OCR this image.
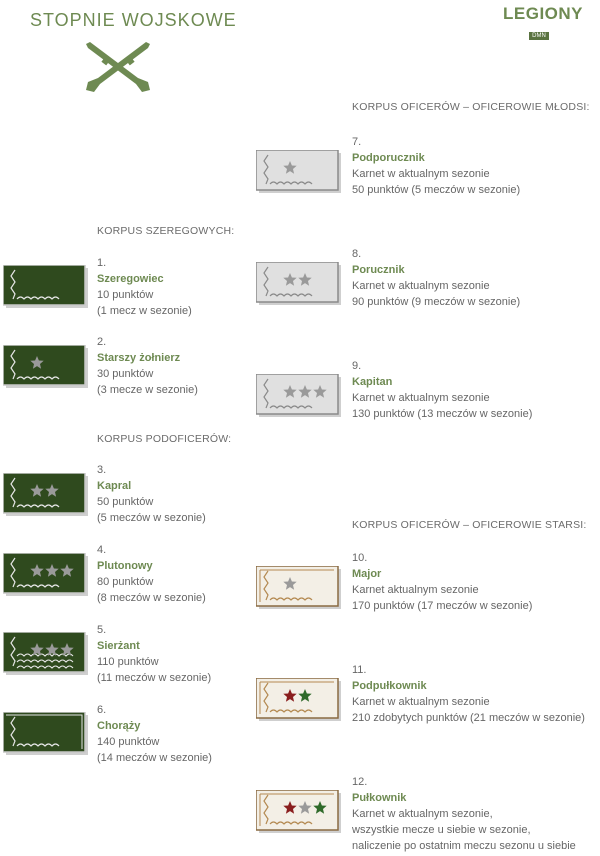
STOPNIE WOJSKOWE	LEGIONY
DMN
KORPUS SZEREGOWYCH:
KORPUS PODOFICERÓW:
KORPUS OFICERÓW – OFICEROWIE MŁODSI:
KORPUS OFICERÓW – OFICEROWIE STARSI:
1.
Szeregowiec
10 punktów
(1 mecz w sezonie)
2.
Starszy żołnierz
30 punktów
(3 mecze w sezonie)
3.
Kapral
50 punktów
(5 meczów w sezonie)
4.
Plutonowy
80 punktów
(8 meczów w sezonie)
5.
Sierżant
110 punktów
(11 meczów w sezonie)
6.
Chorąży
140 punktów
(14 meczów w sezonie)
7.
Podporucznik
Karnet w aktualnym sezonie
50 punktów (5 meczów w sezonie)
8.
Porucznik
Karnet w aktualnym sezonie
90 punktów (9 meczów w sezonie)
9.
Kapitan
Karnet w aktualnym sezonie
130 punktów (13 meczów w sezonie)
10.
Major
Karnet aktualnym sezonie
170 punktów (17 meczów w sezonie)
11.
Podpułkownik
Karnet w aktualnym sezonie
210 zdobytych punktów (21 meczów w sezonie)
12.
Pułkownik
Karnet w aktualnym sezonie,
wszystkie mecze u siebie w sezonie,
naliczenie po ostatnim meczu sezonu u siebie
